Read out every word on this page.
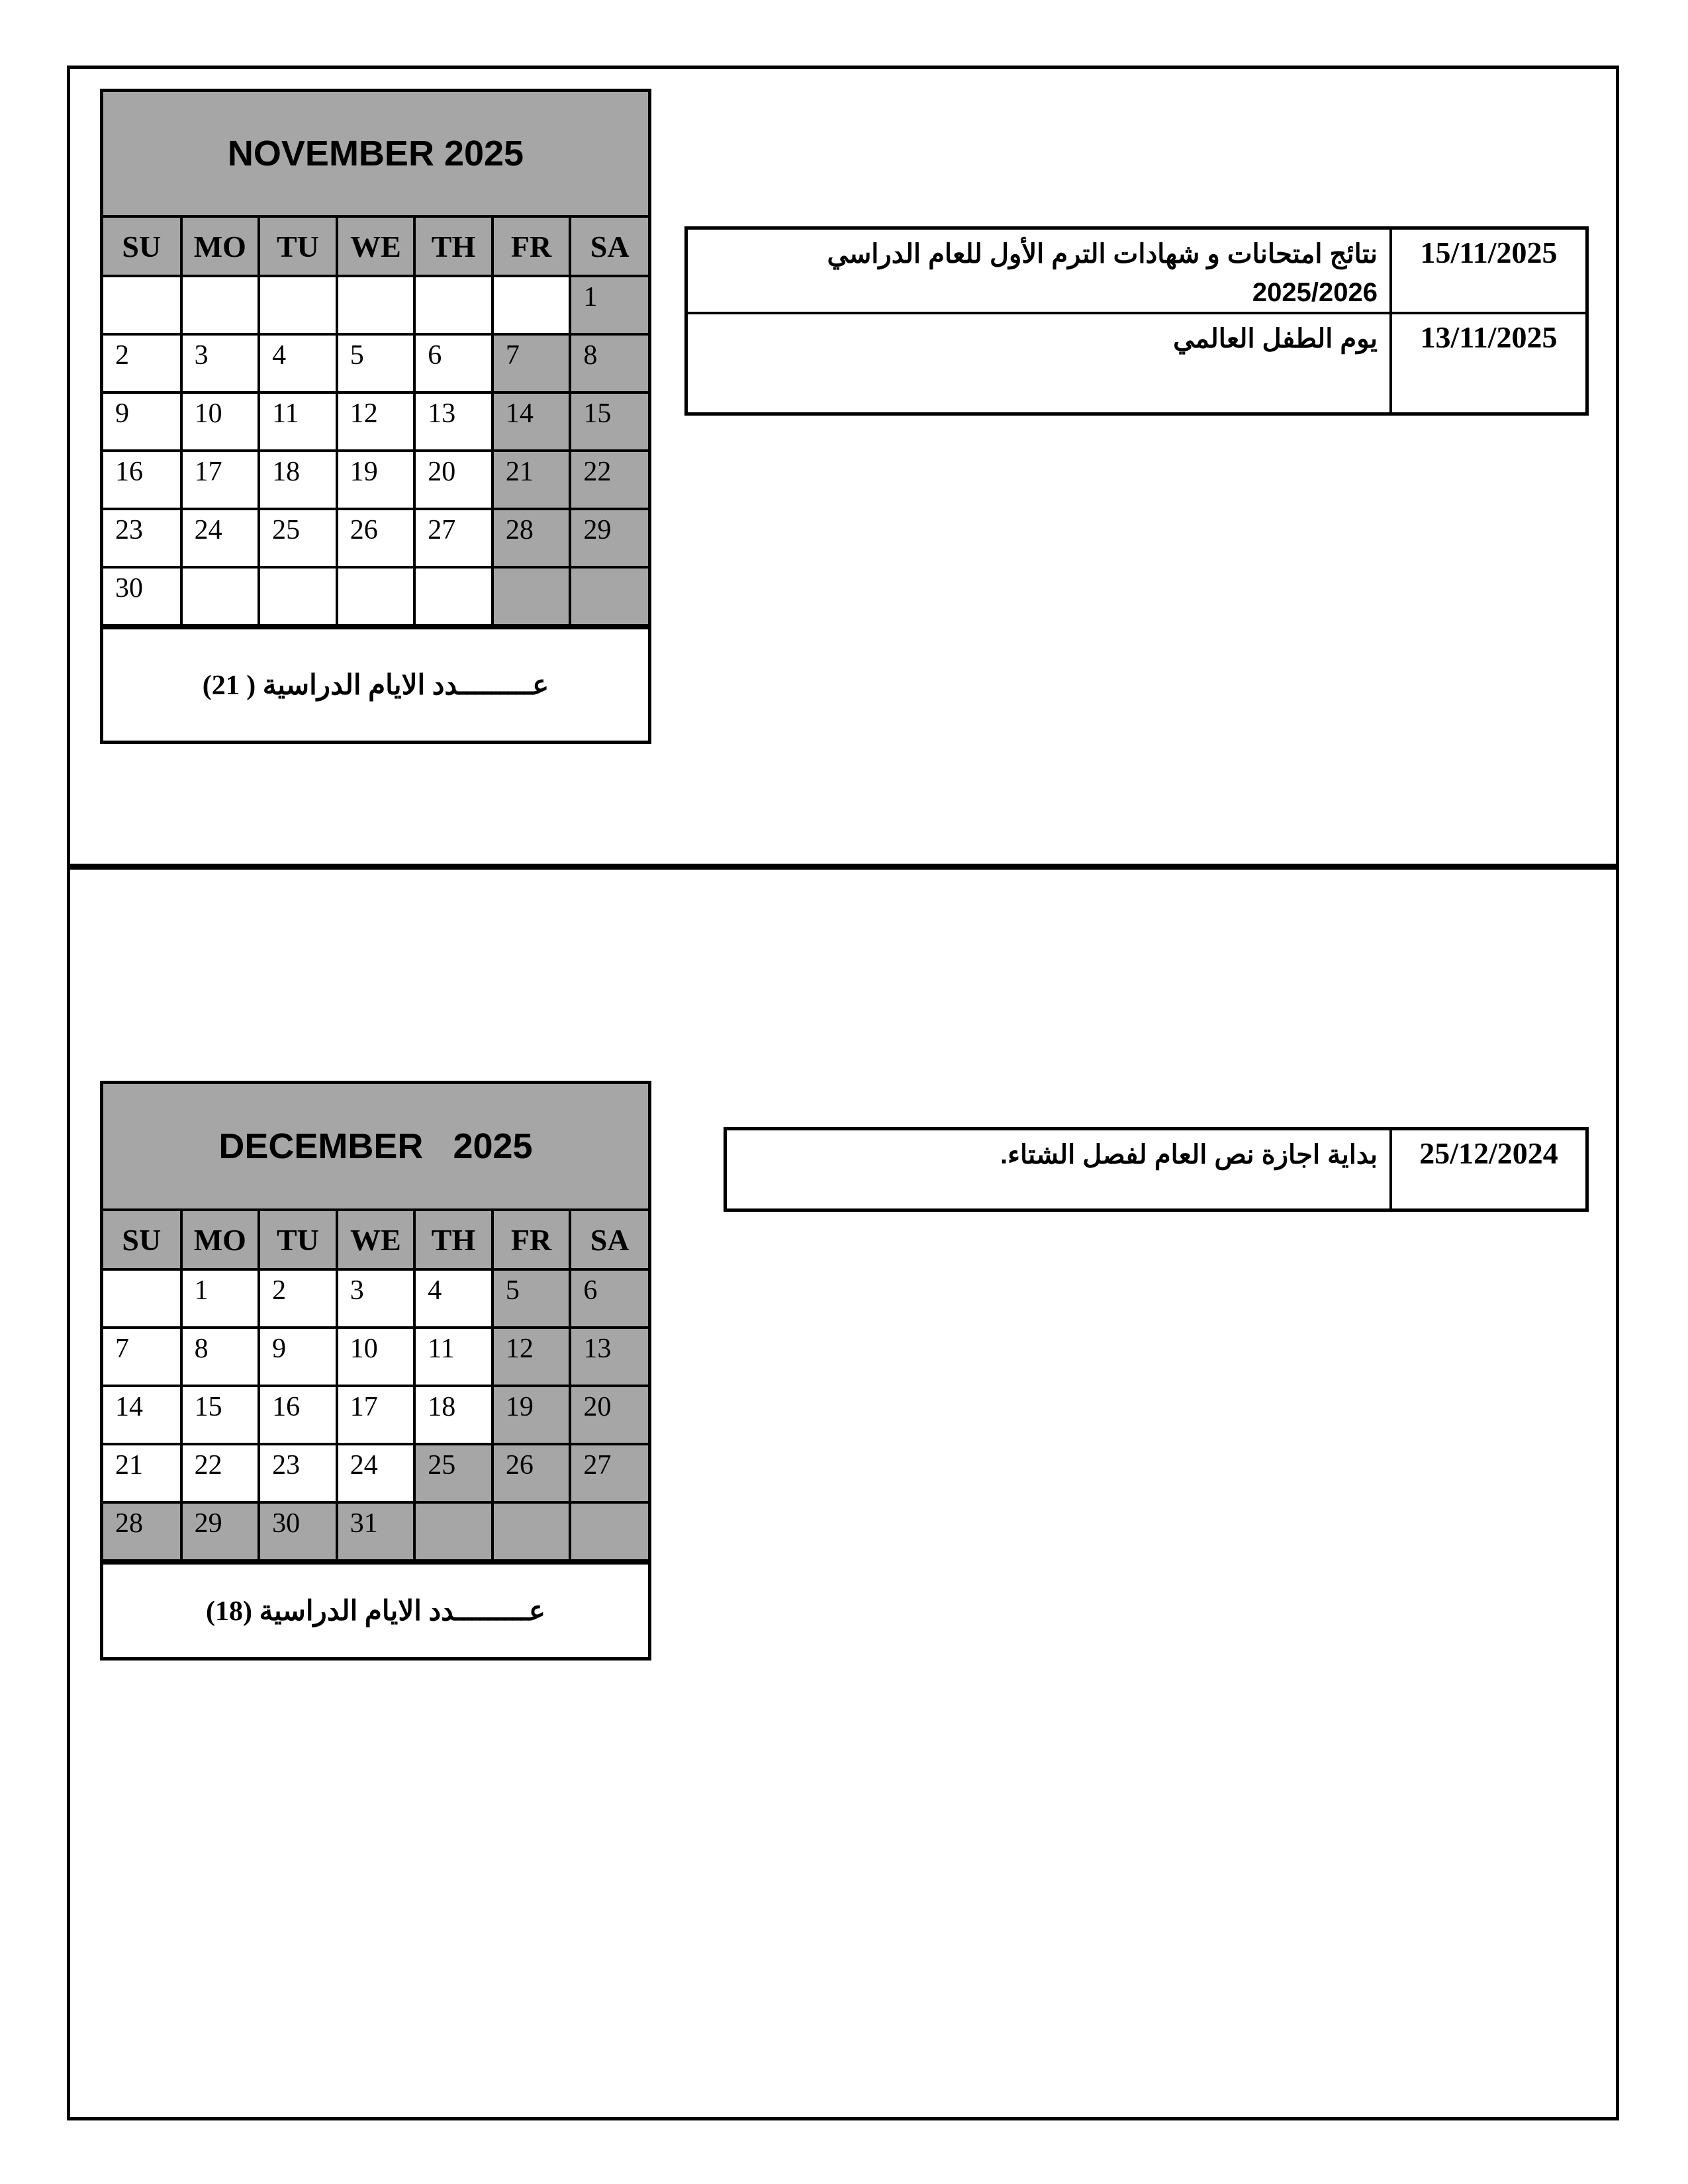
NOVEMBER 2025
SU	MO	TU	WE	TH	FR	SA
						1
2	3	4	5	6	7	8
9	10	11	12	13	14	15
16	17	18	19	20	21	22
23	24	25	26	27	28	29
30						
عـــــــــدد الايام الدراسية ( 21)
نتائج امتحانات و شهادات الترم الأول للعام الدراسي 2025/2026	15/11/2025
يوم الطفل العالمي	13/11/2025
DECEMBER   2025
SU	MO	TU	WE	TH	FR	SA
	1	2	3	4	5	6
7	8	9	10	11	12	13
14	15	16	17	18	19	20
21	22	23	24	25	26	27
28	29	30	31			
عـــــــــدد الايام الدراسية (18)
بداية اجازة نص العام لفصل الشتاء.	25/12/2024
